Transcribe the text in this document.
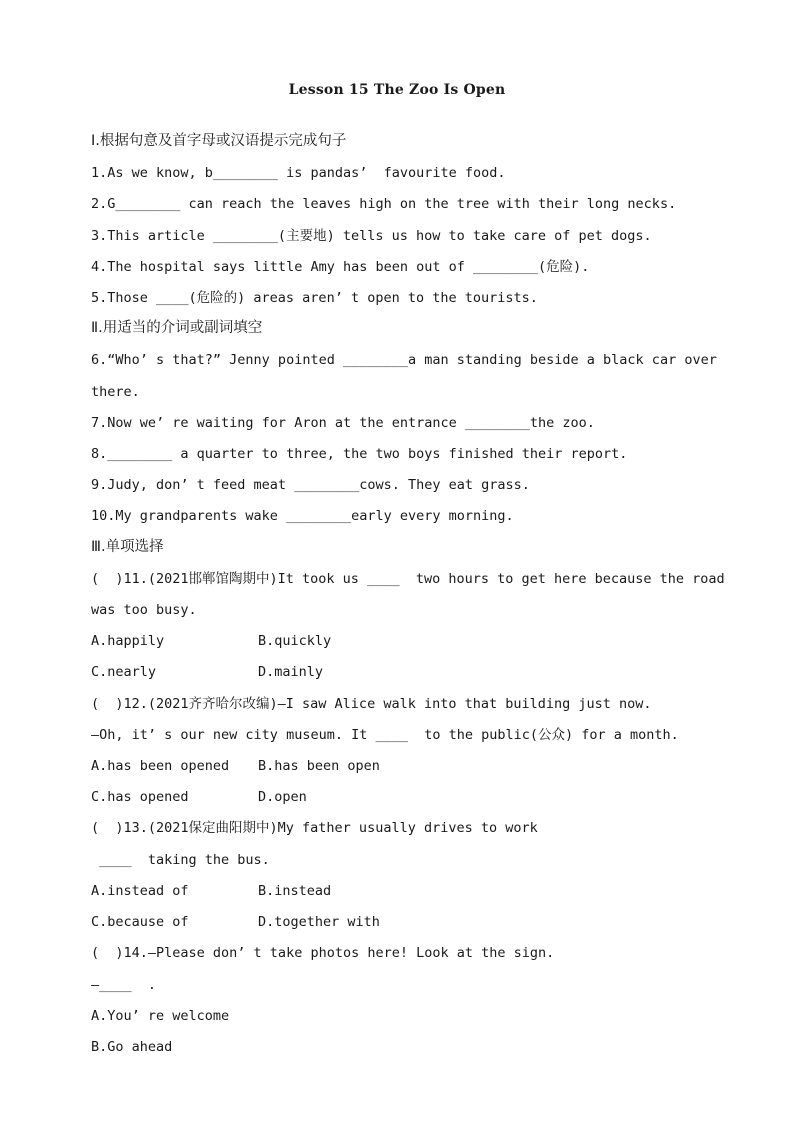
Lesson 15 The Zoo Is Open
Ⅰ.根据句意及首字母或汉语提示完成句子
1.As we know, b________ is pandas’  favourite food.
2.G________ can reach the leaves high on the tree with their long necks.
3.This article ________(主要地) tells us how to take care of pet dogs.
4.The hospital says little Amy has been out of ________(危险).
5.Those ____(危险的) areas aren’ t open to the tourists.
Ⅱ.用适当的介词或副词填空
6.“Who’ s that?” Jenny pointed ________a man standing beside a black car over
there.
7.Now we’ re waiting for Aron at the entrance ________the zoo.
8.________ a quarter to three, the two boys finished their report.
9.Judy, don’ t feed meat ________cows. They eat grass.
10.My grandparents wake ________early every morning.
Ⅲ.单项选择
(  )11.(2021邯郸馆陶期中)It took us ____  two hours to get here because the road
was too busy.
A.happily	B.quickly
C.nearly	D.mainly
(  )12.(2021齐齐哈尔改编)—I saw Alice walk into that building just now.
—Oh, it’ s our new city museum. It ____  to the public(公众) for a month.
A.has been opened B.has been open
C.has opened	D.open
(  )13.(2021保定曲阳期中)My father usually drives to work
____  taking the bus.
A.instead of	B.instead
C.because of	D.together with
(  )14.—Please don’ t take photos here! Look at the sign.
—____  .
A.You’ re welcome
B.Go ahead
